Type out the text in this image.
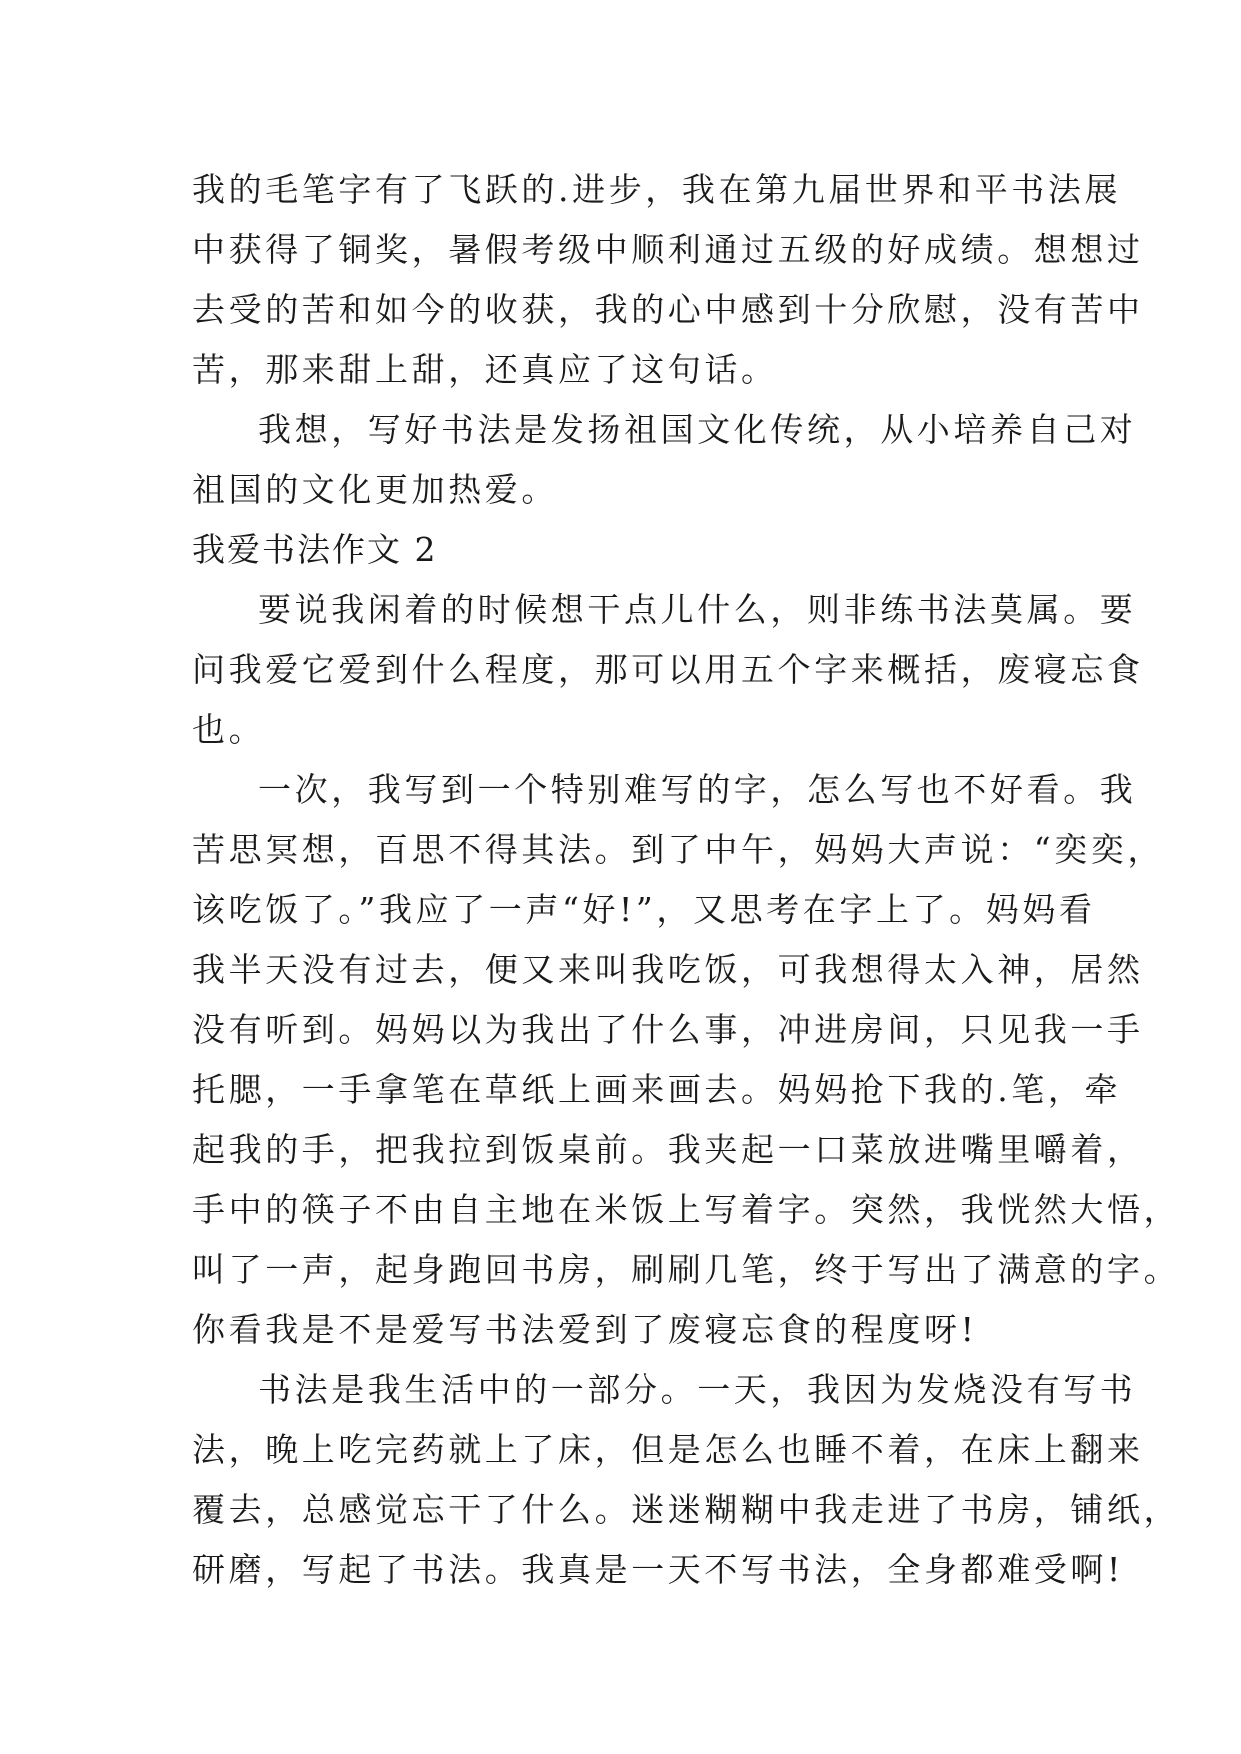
我的毛笔字有了飞跃的.进步，我在第九届世界和平书法展
中获得了铜奖，暑假考级中顺利通过五级的好成绩。想想过
去受的苦和如今的收获，我的心中感到十分欣慰，没有苦中
苦，那来甜上甜，还真应了这句话。
我想，写好书法是发扬祖国文化传统，从小培养自己对
祖国的文化更加热爱。
我爱书法作文 2
要说我闲着的时候想干点儿什么，则非练书法莫属。要
问我爱它爱到什么程度，那可以用五个字来概括，废寝忘食
也。
一次，我写到一个特别难写的字，怎么写也不好看。我
苦思冥想，百思不得其法。到了中午，妈妈大声说：“奕奕，
该吃饭了。”我应了一声“好!”，又思考在字上了。妈妈看
我半天没有过去，便又来叫我吃饭，可我想得太入神，居然
没有听到。妈妈以为我出了什么事，冲进房间，只见我一手
托腮，一手拿笔在草纸上画来画去。妈妈抢下我的.笔，牵
起我的手，把我拉到饭桌前。我夹起一口菜放进嘴里嚼着，
手中的筷子不由自主地在米饭上写着字。突然，我恍然大悟，
叫了一声，起身跑回书房，刷刷几笔，终于写出了满意的字。
你看我是不是爱写书法爱到了废寝忘食的程度呀!
书法是我生活中的一部分。一天，我因为发烧没有写书
法，晚上吃完药就上了床，但是怎么也睡不着，在床上翻来
覆去，总感觉忘干了什么。迷迷糊糊中我走进了书房，铺纸，
研磨，写起了书法。我真是一天不写书法，全身都难受啊!
